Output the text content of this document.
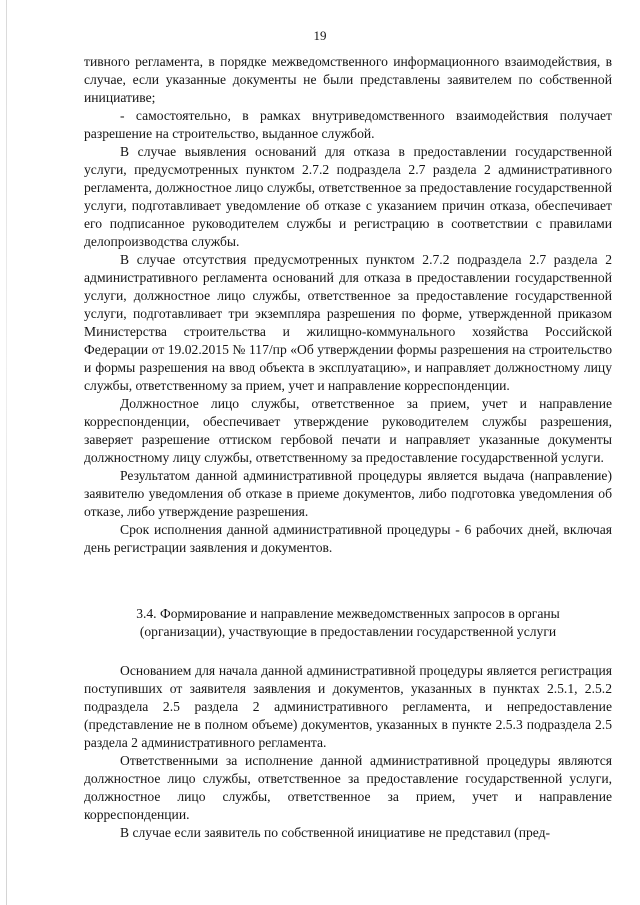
19

тивного регламента, в порядке межведомственного информационного взаимодействия, в случае, если указанные документы не были представлены заявителем по собственной инициативе;

- самостоятельно, в рамках внутриведомственного взаимодействия получает разрешение на строительство, выданное службой.

В случае выявления оснований для отказа в предоставлении государственной услуги, предусмотренных пунктом 2.7.2 подраздела 2.7 раздела 2 административного регламента, должностное лицо службы, ответственное за предоставление государственной услуги, подготавливает уведомление об отказе с указанием причин отказа, обеспечивает его подписанное руководителем службы и регистрацию в соответствии с правилами делопроизводства службы.

В случае отсутствия предусмотренных пунктом 2.7.2 подраздела 2.7 раздела 2 административного регламента оснований для отказа в предоставлении государственной услуги, должностное лицо службы, ответственное за предоставление государственной услуги, подготавливает три экземпляра разрешения по форме, утвержденной приказом Министерства строительства и жилищно-коммунального хозяйства Российской Федерации от 19.02.2015 № 117/пр «Об утверждении формы разрешения на строительство и формы разрешения на ввод объекта в эксплуатацию», и направляет должностному лицу службы, ответственному за прием, учет и направление корреспонденции.

Должностное лицо службы, ответственное за прием, учет и направление корреспонденции, обеспечивает утверждение руководителем службы разрешения, заверяет разрешение оттиском гербовой печати и направляет указанные документы должностному лицу службы, ответственному за предоставление государственной услуги.

Результатом данной административной процедуры является выдача (направление) заявителю уведомления об отказе в приеме документов, либо подготовка уведомления об отказе, либо утверждение разрешения.

Срок исполнения данной административной процедуры - 6 рабочих дней, включая день регистрации заявления и документов.

3.4. Формирование и направление межведомственных запросов в органы
(организации), участвующие в предоставлении государственной услуги

Основанием для начала данной административной процедуры является регистрация поступивших от заявителя заявления и документов, указанных в пунктах 2.5.1, 2.5.2 подраздела 2.5 раздела 2 административного регламента, и непредоставление (представление не в полном объеме) документов, указанных в пункте 2.5.3 подраздела 2.5 раздела 2 административного регламента.

Ответственными за исполнение данной административной процедуры являются должностное лицо службы, ответственное за предоставление государственной услуги, должностное лицо службы, ответственное за прием, учет и направление корреспонденции.

В случае если заявитель по собственной инициативе не представил (пред-
